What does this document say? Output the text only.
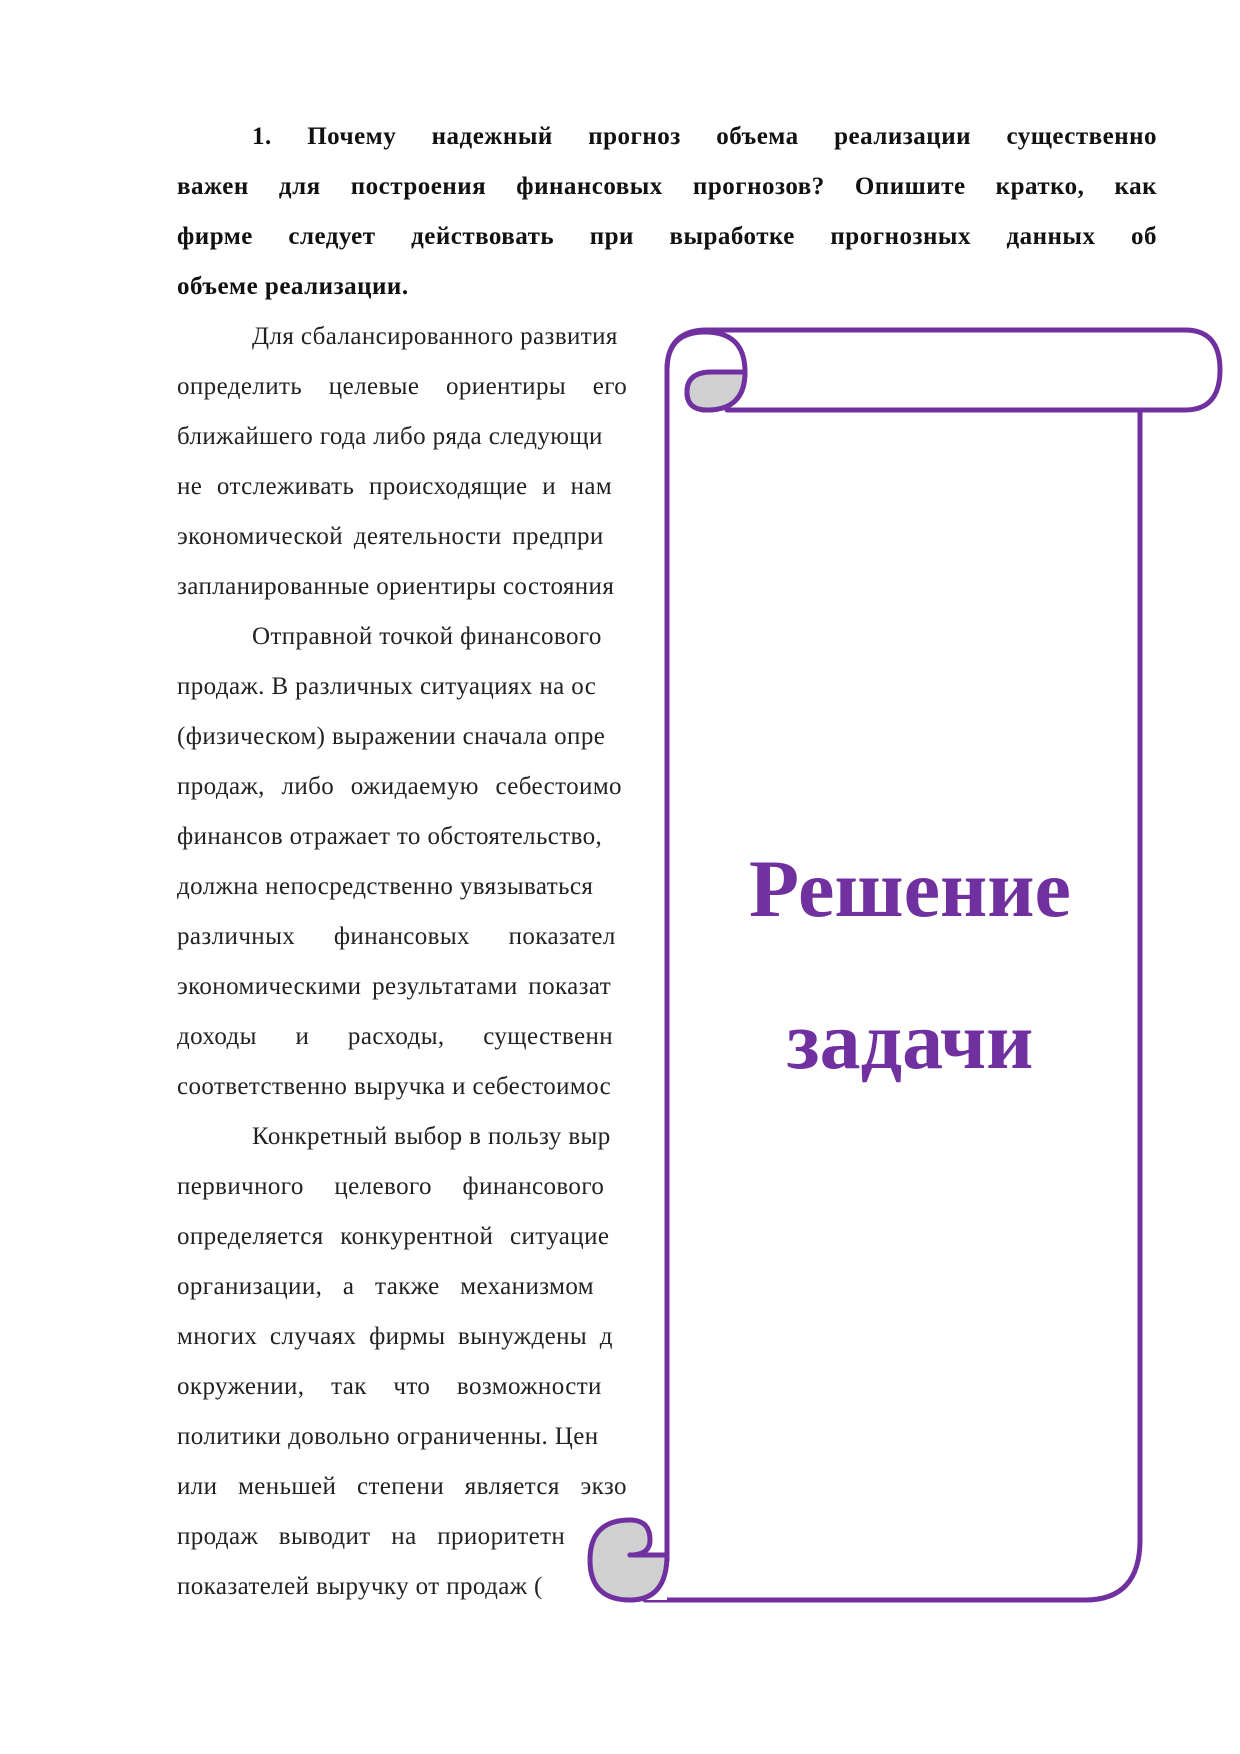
1. Почему надежный прогноз объема реализации существенно
важен для построения финансовых прогнозов? Опишите кратко, как
фирме следует действовать при выработке прогнозных данных об
объеме реализации.
Для сбалансированного развития
определить целевые ориентиры его
ближайшего года либо ряда следующи
не отслеживать происходящие и нам
экономической деятельности предпри
запланированные ориентиры состояния
Отправной точкой финансового
продаж. В различных ситуациях на ос
(физическом) выражении сначала опре
продаж, либо ожидаемую себестоимо
финансов отражает то обстоятельство,
должна непосредственно увязываться
различных финансовых показател
экономическими результатами показат
доходы и расходы, существенн
соответственно выручка и себестоимос
Конкретный выбор в пользу выр
первичного целевого финансового
определяется конкурентной ситуацие
организации, а также механизмом
многих случаях фирмы вынуждены д
окружении, так что возможности
политики довольно ограниченны. Цен
или меньшей степени является экзо
продаж выводит на приоритетн
показателей выручку от продаж (
Решение
задачи
